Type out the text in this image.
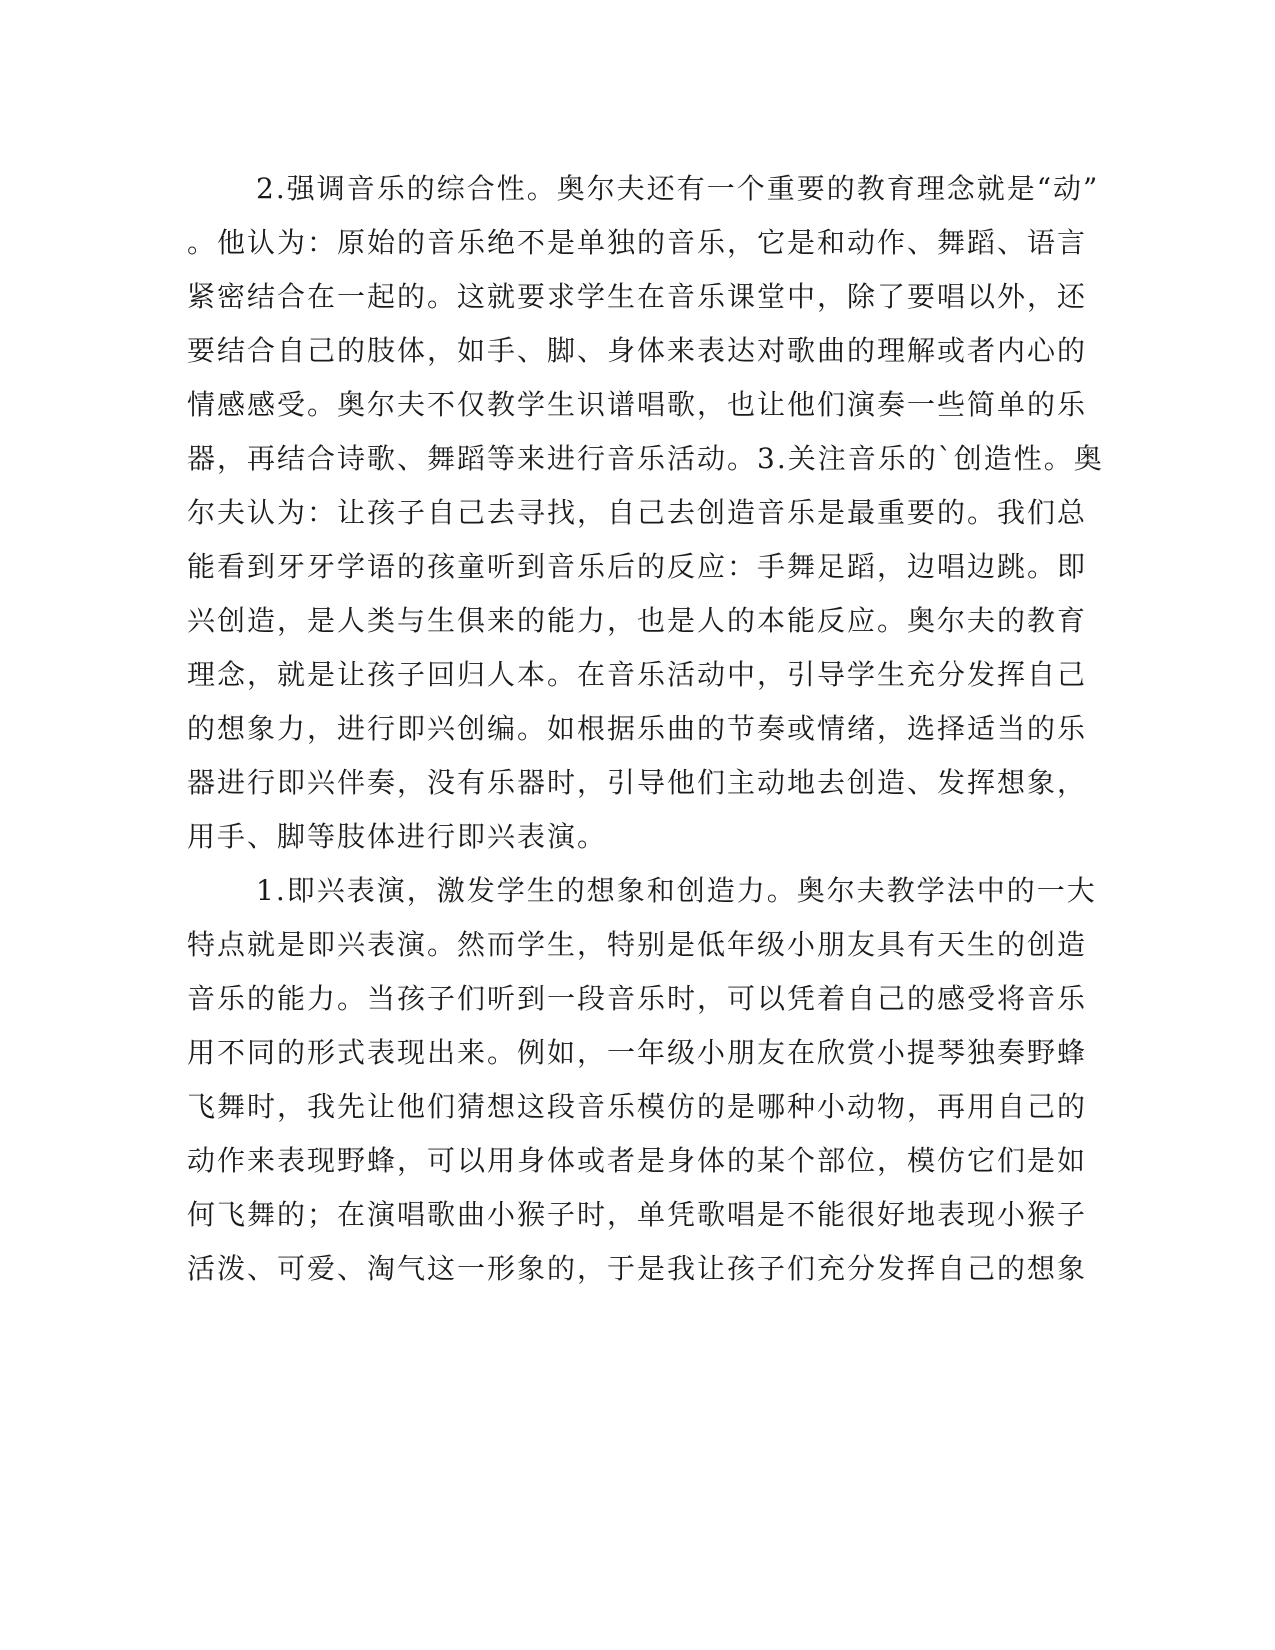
2.强调音乐的综合性。奥尔夫还有一个重要的教育理念就是“动”
。他认为：原始的音乐绝不是单独的音乐，它是和动作、舞蹈、语言
紧密结合在一起的。这就要求学生在音乐课堂中，除了要唱以外，还
要结合自己的肢体，如手、脚、身体来表达对歌曲的理解或者内心的
情感感受。奥尔夫不仅教学生识谱唱歌，也让他们演奏一些简单的乐
器，再结合诗歌、舞蹈等来进行音乐活动。3.关注音乐的`创造性。奥
尔夫认为：让孩子自己去寻找，自己去创造音乐是最重要的。我们总
能看到牙牙学语的孩童听到音乐后的反应：手舞足蹈，边唱边跳。即
兴创造，是人类与生俱来的能力，也是人的本能反应。奥尔夫的教育
理念，就是让孩子回归人本。在音乐活动中，引导学生充分发挥自己
的想象力，进行即兴创编。如根据乐曲的节奏或情绪，选择适当的乐
器进行即兴伴奏，没有乐器时，引导他们主动地去创造、发挥想象，
用手、脚等肢体进行即兴表演。
1.即兴表演，激发学生的想象和创造力。奥尔夫教学法中的一大
特点就是即兴表演。然而学生，特别是低年级小朋友具有天生的创造
音乐的能力。当孩子们听到一段音乐时，可以凭着自己的感受将音乐
用不同的形式表现出来。例如，一年级小朋友在欣赏小提琴独奏野蜂
飞舞时，我先让他们猜想这段音乐模仿的是哪种小动物，再用自己的
动作来表现野蜂，可以用身体或者是身体的某个部位，模仿它们是如
何飞舞的；在演唱歌曲小猴子时，单凭歌唱是不能很好地表现小猴子
活泼、可爱、淘气这一形象的，于是我让孩子们充分发挥自己的想象
